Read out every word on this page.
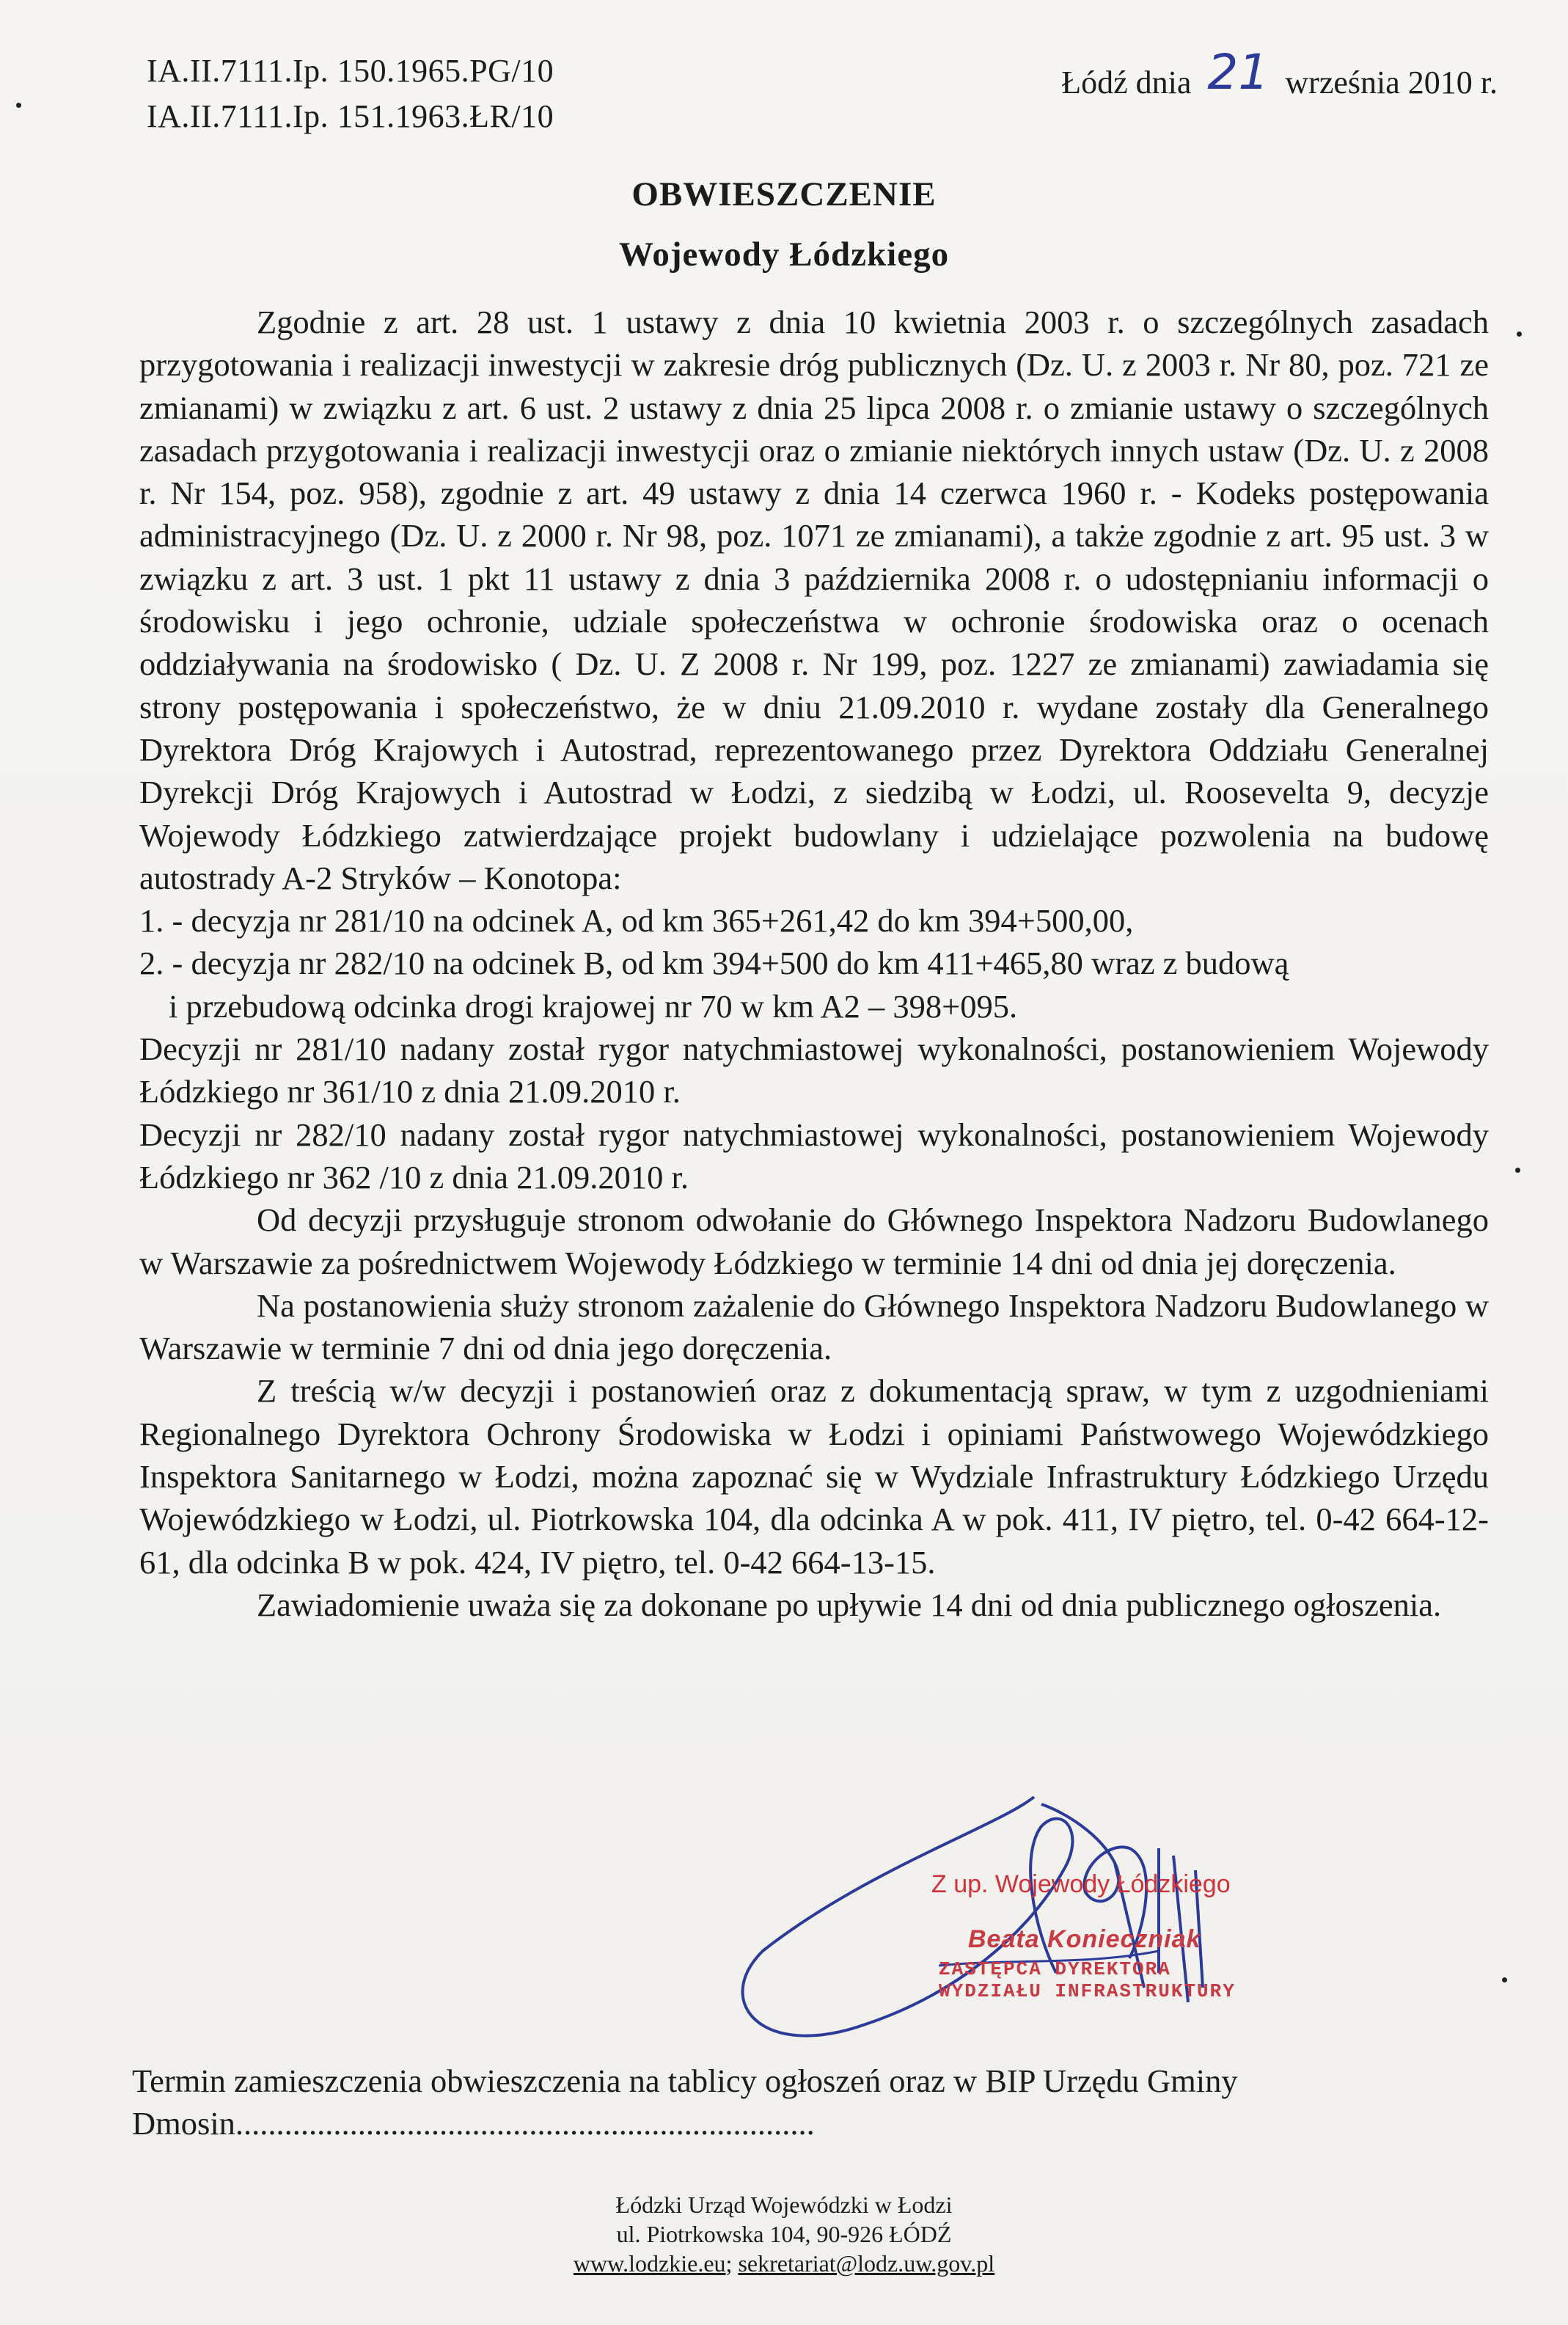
IA.II.7111.Ip. 150.1965.PG/10
IA.II.7111.Ip. 151.1963.ŁR/10
Łódź dnia 21 września 2010 r.
OBWIESZCZENIE
Wojewody Łódzkiego

Zgodnie z art. 28 ust. 1 ustawy z dnia 10 kwietnia 2003 r. o szczególnych zasadach przygotowania i realizacji inwestycji w zakresie dróg publicznych (Dz. U. z 2003 r. Nr 80, poz. 721 ze zmianami) w związku z art. 6 ust. 2 ustawy z dnia 25 lipca 2008 r. o zmianie ustawy o szczególnych zasadach przygotowania i realizacji inwestycji oraz o zmianie niektórych innych ustaw (Dz. U. z 2008 r. Nr 154, poz. 958), zgodnie z art. 49 ustawy z dnia 14 czerwca 1960 r. - Kodeks postępowania administracyjnego (Dz. U. z 2000 r. Nr 98, poz. 1071 ze zmianami), a także zgodnie z art. 95 ust. 3 w związku z art. 3 ust. 1 pkt 11 ustawy z dnia 3 października 2008 r. o udostępnianiu informacji o środowisku i jego ochronie, udziale społeczeństwa w ochronie środowiska oraz o ocenach oddziaływania na środowisko ( Dz. U. Z 2008 r. Nr 199, poz. 1227 ze zmianami) zawiadamia się strony postępowania i społeczeństwo, że w dniu 21.09.2010 r. wydane zostały dla Generalnego Dyrektora Dróg Krajowych i Autostrad, reprezentowanego przez Dyrektora Oddziału Generalnej Dyrekcji Dróg Krajowych i Autostrad w Łodzi, z siedzibą w Łodzi, ul. Roosevelta 9, decyzje Wojewody Łódzkiego zatwierdzające projekt budowlany i udzielające pozwolenia na budowę autostrady A-2 Stryków – Konotopa:

1. - decyzja nr 281/10 na odcinek A, od km 365+261,42 do km 394+500,00,

2. - decyzja nr 282/10 na odcinek B, od km 394+500 do km 411+465,80 wraz z budową

i przebudową odcinka drogi krajowej nr 70 w km A2 – 398+095.

Decyzji nr 281/10 nadany został rygor natychmiastowej wykonalności, postanowieniem Wojewody Łódzkiego nr 361/10 z dnia 21.09.2010 r.

Decyzji nr 282/10 nadany został rygor natychmiastowej wykonalności, postanowieniem Wojewody Łódzkiego nr 362 /10 z dnia 21.09.2010 r.

Od decyzji przysługuje stronom odwołanie do Głównego Inspektora Nadzoru Budowlanego w Warszawie za pośrednictwem Wojewody Łódzkiego w terminie 14 dni od dnia jej doręczenia.

Na postanowienia służy stronom zażalenie do Głównego Inspektora Nadzoru Budowlanego w Warszawie w terminie 7 dni od dnia jego doręczenia.

Z treścią w/w decyzji i postanowień oraz z dokumentacją spraw, w tym z uzgodnieniami Regionalnego Dyrektora Ochrony Środowiska w Łodzi i opiniami Państwowego Wojewódzkiego Inspektora Sanitarnego w Łodzi, można zapoznać się w Wydziale Infrastruktury Łódzkiego Urzędu Wojewódzkiego w Łodzi, ul. Piotrkowska 104, dla odcinka A w pok. 411, IV piętro, tel. 0-42 664-12-61, dla odcinka B w pok. 424, IV piętro, tel. 0-42 664-13-15.

Zawiadomienie uważa się za dokonane po upływie 14 dni od dnia publicznego ogłoszenia.

Z up. Wojewody Łódzkiego
Beata Konieczniak
ZASTĘPCA DYREKTORA
WYDZIAŁU INFRASTRUKTURY
Termin zamieszczenia obwieszczenia na tablicy ogłoszeń oraz w BIP Urzędu Gminy
Dmosin.......................................................................
Łódzki Urząd Wojewódzki w Łodzi
ul. Piotrkowska 104, 90-926 ŁÓDŹ
www.lodzkie.eu; sekretariat@lodz.uw.gov.pl
